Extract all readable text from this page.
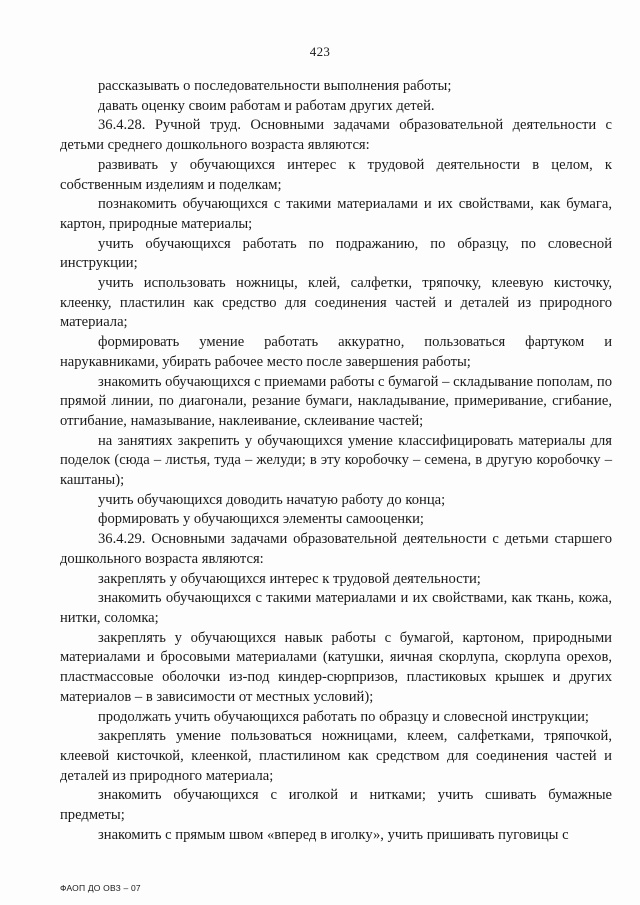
423

рассказывать о последовательности выполнения работы;

давать оценку своим работам и работам других детей.

36.4.28. Ручной труд. Основными задачами образовательной деятельности с детьми среднего дошкольного возраста являются:

развивать у обучающихся интерес к трудовой деятельности в целом, к собственным изделиям и поделкам;

познакомить обучающихся с такими материалами и их свойствами, как бумага, картон, природные материалы;

учить обучающихся работать по подражанию, по образцу, по словесной инструкции;

учить использовать ножницы, клей, салфетки, тряпочку, клеевую кисточку, клеенку, пластилин как средство для соединения частей и деталей из природного материала;

формировать умение работать аккуратно, пользоваться фартуком и нарукавниками, убирать рабочее место после завершения работы;

знакомить обучающихся с приемами работы с бумагой – складывание пополам, по прямой линии, по диагонали, резание бумаги, накладывание, примеривание, сгибание, отгибание, намазывание, наклеивание, склеивание частей;

на занятиях закрепить у обучающихся умение классифицировать материалы для поделок (сюда – листья, туда – желуди; в эту коробочку – семена, в другую коробочку – каштаны);

учить обучающихся доводить начатую работу до конца;

формировать у обучающихся элементы самооценки;

36.4.29. Основными задачами образовательной деятельности с детьми старшего дошкольного возраста являются:

закреплять у обучающихся интерес к трудовой деятельности;

знакомить обучающихся с такими материалами и их свойствами, как ткань, кожа, нитки, соломка;

закреплять у обучающихся навык работы с бумагой, картоном, природными материалами и бросовыми материалами (катушки, яичная скорлупа, скорлупа орехов, пластмассовые оболочки из-под киндер-сюрпризов, пластиковых крышек и других материалов – в зависимости от местных условий);

продолжать учить обучающихся работать по образцу и словесной инструкции;

закреплять умение пользоваться ножницами, клеем, салфетками, тряпочкой, клеевой кисточкой, клеенкой, пластилином как средством для соединения частей и деталей из природного материала;

знакомить обучающихся с иголкой и нитками; учить сшивать бумажные предметы;

знакомить с прямым швом «вперед в иголку», учить пришивать пуговицы с

ФАОП ДО ОВЗ – 07
